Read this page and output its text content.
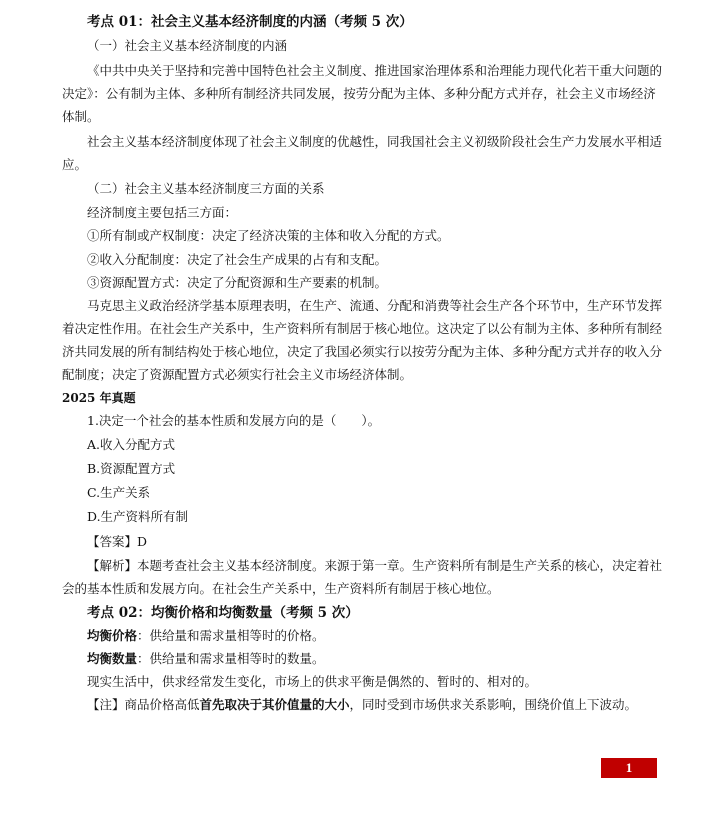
考点 01：社会主义基本经济制度的内涵（考频 5 次）
（一）社会主义基本经济制度的内涵
《中共中央关于坚持和完善中国特色社会主义制度、推进国家治理体系和治理能力现代化若干重大问题的
决定》：公有制为主体、多种所有制经济共同发展，按劳分配为主体、多种分配方式并存，社会主义市场经济
体制。
社会主义基本经济制度体现了社会主义制度的优越性，同我国社会主义初级阶段社会生产力发展水平相适
应。
（二）社会主义基本经济制度三方面的关系
经济制度主要包括三方面：
①所有制或产权制度：决定了经济决策的主体和收入分配的方式。
②收入分配制度：决定了社会生产成果的占有和支配。
③资源配置方式：决定了分配资源和生产要素的机制。
马克思主义政治经济学基本原理表明，在生产、流通、分配和消费等社会生产各个环节中，生产环节发挥
着决定性作用。在社会生产关系中，生产资料所有制居于核心地位。这决定了以公有制为主体、多种所有制经
济共同发展的所有制结构处于核心地位，决定了我国必须实行以按劳分配为主体、多种分配方式并存的收入分
配制度；决定了资源配置方式必须实行社会主义市场经济体制。
2025 年真题
1.决定一个社会的基本性质和发展方向的是（　　）。
A.收入分配方式
B.资源配置方式
C.生产关系
D.生产资料所有制
【答案】D
【解析】本题考查社会主义基本经济制度。来源于第一章。生产资料所有制是生产关系的核心，决定着社
会的基本性质和发展方向。在社会生产关系中，生产资料所有制居于核心地位。
考点 02：均衡价格和均衡数量（考频 5 次）
均衡价格：供给量和需求量相等时的价格。
均衡数量：供给量和需求量相等时的数量。
现实生活中，供求经常发生变化，市场上的供求平衡是偶然的、暂时的、相对的。
【注】商品价格高低首先取决于其价值量的大小，同时受到市场供求关系影响，围绕价值上下波动。
1
